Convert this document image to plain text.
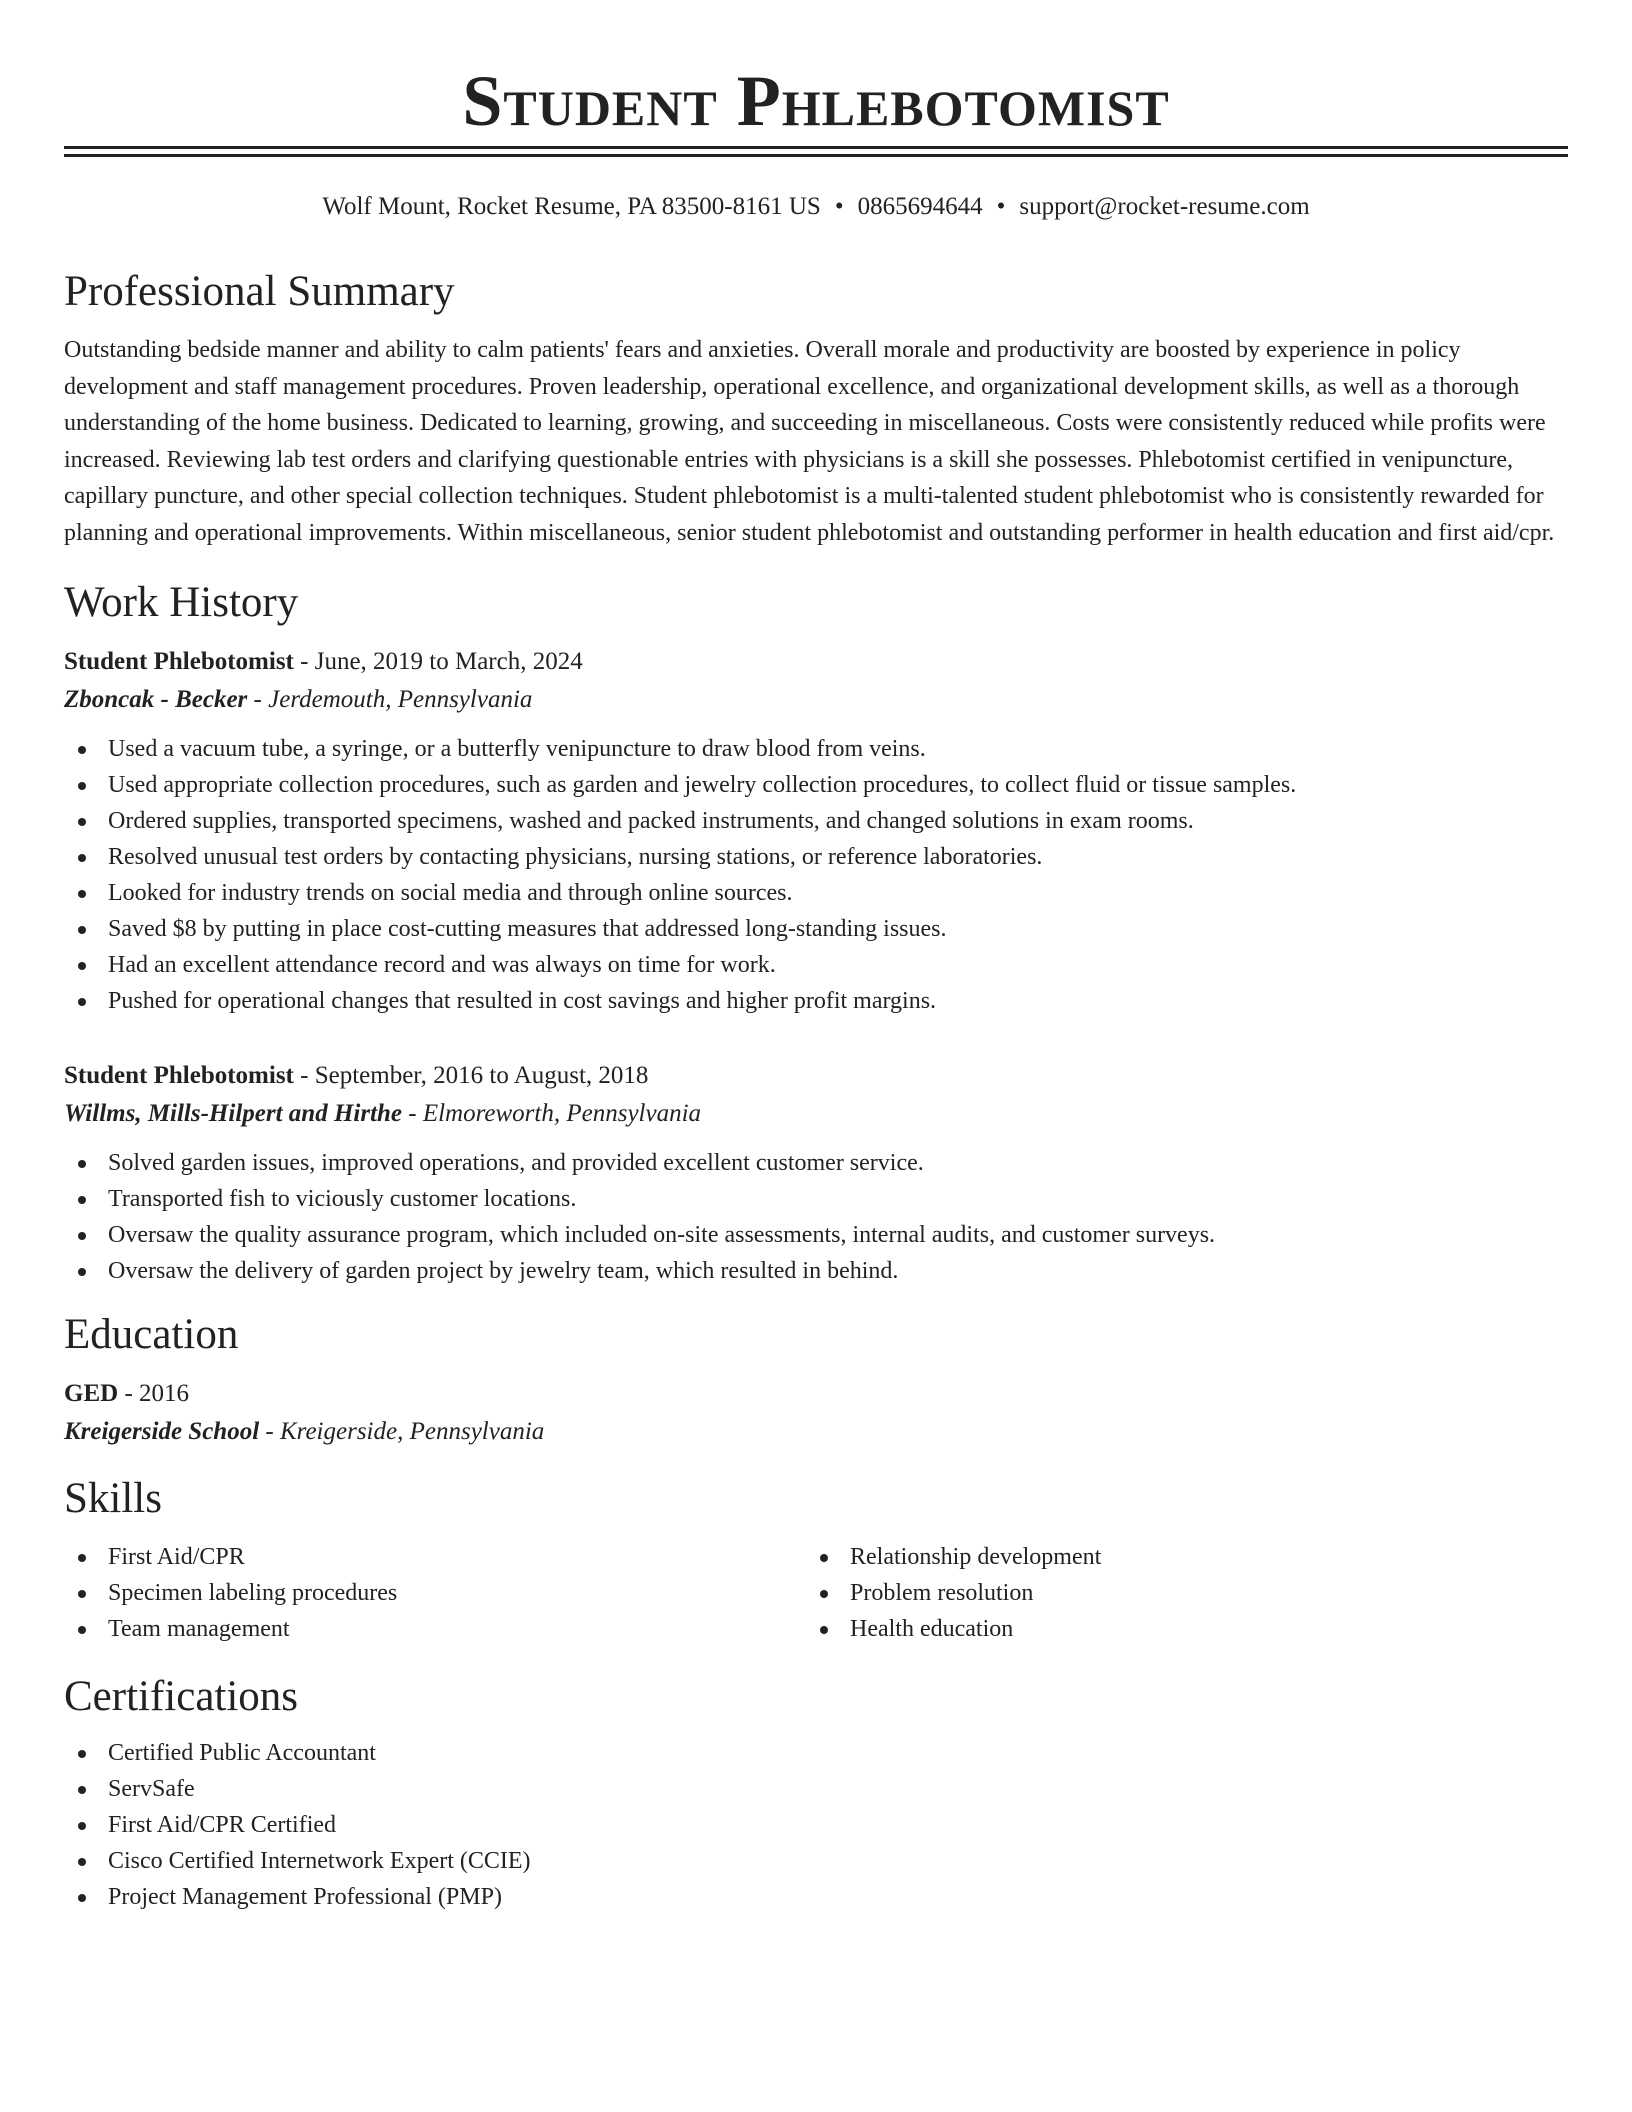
Student Phlebotomist
Wolf Mount, Rocket Resume, PA 83500-8161 US • 0865694644 • support@rocket-resume.com
Professional Summary

Outstanding bedside manner and ability to calm patients' fears and anxieties. Overall morale and productivity are boosted by experience in policy development and staff management procedures. Proven leadership, operational excellence, and organizational development skills, as well as a thorough understanding of the home business. Dedicated to learning, growing, and succeeding in miscellaneous. Costs were consistently reduced while profits were increased. Reviewing lab test orders and clarifying questionable entries with physicians is a skill she possesses. Phlebotomist certified in venipuncture, capillary puncture, and other special collection techniques. Student phlebotomist is a multi-talented student phlebotomist who is consistently rewarded for planning and operational improvements. Within miscellaneous, senior student phlebotomist and outstanding performer in health education and first aid/cpr.

Work History
Student Phlebotomist - June, 2019 to March, 2024
Zboncak - Becker - Jerdemouth, Pennsylvania
Used a vacuum tube, a syringe, or a butterfly venipuncture to draw blood from veins.
Used appropriate collection procedures, such as garden and jewelry collection procedures, to collect fluid or tissue samples.
Ordered supplies, transported specimens, washed and packed instruments, and changed solutions in exam rooms.
Resolved unusual test orders by contacting physicians, nursing stations, or reference laboratories.
Looked for industry trends on social media and through online sources.
Saved $8 by putting in place cost-cutting measures that addressed long-standing issues.
Had an excellent attendance record and was always on time for work.
Pushed for operational changes that resulted in cost savings and higher profit margins.
Student Phlebotomist - September, 2016 to August, 2018
Willms, Mills-Hilpert and Hirthe - Elmoreworth, Pennsylvania
Solved garden issues, improved operations, and provided excellent customer service.
Transported fish to viciously customer locations.
Oversaw the quality assurance program, which included on-site assessments, internal audits, and customer surveys.
Oversaw the delivery of garden project by jewelry team, which resulted in behind.
Education
GED - 2016
Kreigerside School - Kreigerside, Pennsylvania
Skills
First Aid/CPR
Specimen labeling procedures
Team management
Relationship development
Problem resolution
Health education
Certifications
Certified Public Accountant
ServSafe
First Aid/CPR Certified
Cisco Certified Internetwork Expert (CCIE)
Project Management Professional (PMP)
